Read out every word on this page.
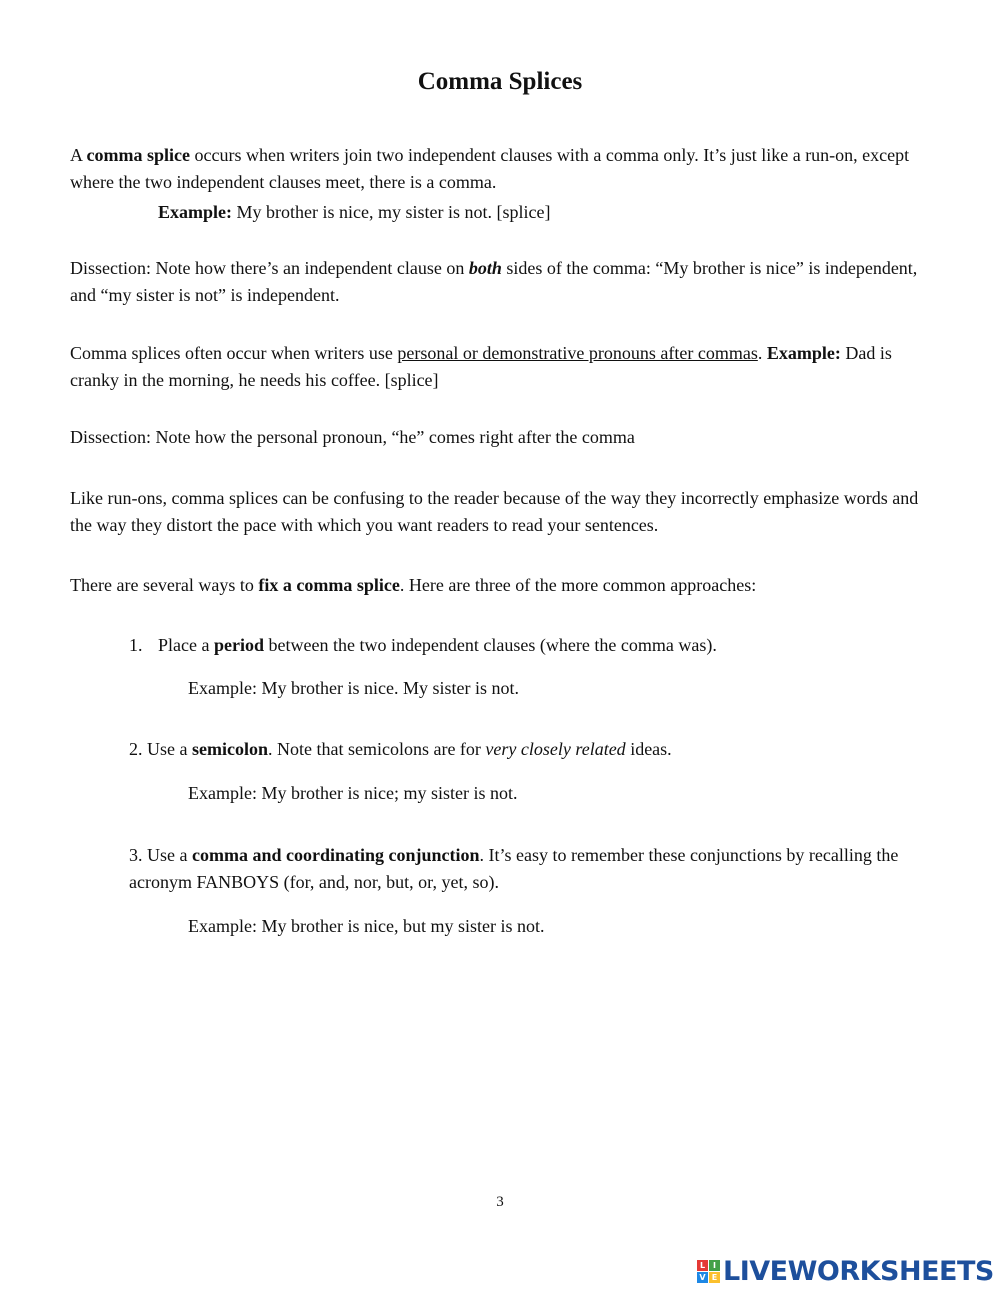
Comma Splices

A comma splice occurs when writers join two independent clauses with a comma only. It’s just like a run-on, except where the two independent clauses meet, there is a comma.

Example: My brother is nice, my sister is not. [splice]

Dissection: Note how there’s an independent clause on both sides of the comma: “My brother is nice” is independent, and “my sister is not” is independent.

Comma splices often occur when writers use personal or demonstrative pronouns after commas. Example: Dad is cranky in the morning, he needs his coffee. [splice]

Dissection: Note how the personal pronoun, “he” comes right after the comma

Like run-ons, comma splices can be confusing to the reader because of the way they incorrectly emphasize words and the way they distort the pace with which you want readers to read your sentences.

There are several ways to fix a comma splice. Here are three of the more common approaches:

1. Place a period between the two independent clauses (where the comma was).

Example: My brother is nice. My sister is not.

2. Use a semicolon. Note that semicolons are for very closely related ideas.

Example: My brother is nice; my sister is not.

3. Use a comma and coordinating conjunction. It’s easy to remember these conjunctions by recalling the acronym FANBOYS (for, and, nor, but, or, yet, so).

Example: My brother is nice, but my sister is not.

3
L I
V E LIVEWORKSHEETS
